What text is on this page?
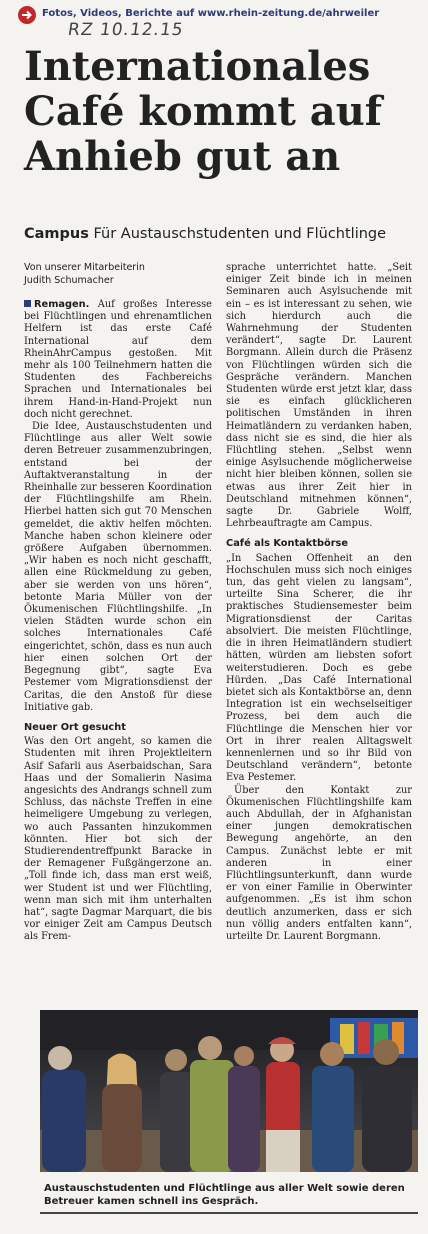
Fotos, Videos, Berichte auf www.rhein-zeitung.de/ahrweiler
RZ 10.12.15
Internationales Café kommt auf Anhieb gut an
Campus Für Austauschstudenten und Flüchtlinge
Von unserer Mitarbeiterin
Judith Schumacher

Remagen. Auf großes Interesse bei Flüchtlingen und ehrenamtlichen Helfern ist das erste Café International auf dem RheinAhrCampus gestoßen. Mit mehr als 100 Teilnehmern hatten die Studenten des Fachbereichs Sprachen und Internationales bei ihrem Hand-in-Hand-Projekt nun doch nicht gerechnet.

Die Idee, Austauschstudenten und Flüchtlinge aus aller Welt sowie deren Betreuer zusammenzubringen, entstand bei der Auftaktveranstaltung in der Rheinhalle zur besseren Koordination der Flüchtlingshilfe am Rhein. Hierbei hatten sich gut 70 Menschen gemeldet, die aktiv helfen möchten. Manche haben schon kleinere oder größere Aufgaben übernommen. „Wir haben es noch nicht geschafft, allen eine Rückmeldung zu geben, aber sie werden von uns hören“, betonte Maria Müller von der Ökumenischen Flüchtlingshilfe. „In vielen Städten wurde schon ein solches Internationales Café eingerichtet, schön, dass es nun auch hier einen solchen Ort der Begegnung gibt“, sagte Eva Pestemer vom Migrationsdienst der Caritas, die den Anstoß für diese Initiative gab.

Neuer Ort gesucht

Was den Ort angeht, so kamen die Studenten mit ihren Projektleitern Asif Safarli aus Aserbaidschan, Sara Haas und der Somalierin Nasima angesichts des Andrangs schnell zum Schluss, das nächste Treffen in eine heimeligere Umgebung zu verlegen, wo auch Passanten hinzukommen könnten. Hier bot sich der Studierendentreffpunkt Baracke in der Remagener Fußgängerzone an. „Toll finde ich, dass man erst weiß, wer Student ist und wer Flüchtling, wenn man sich mit ihm unterhalten hat“, sagte Dagmar Marquart, die bis vor einiger Zeit am Campus Deutsch als Frem-

sprache unterrichtet hatte. „Seit einiger Zeit binde ich in meinen Seminaren auch Asylsuchende mit ein – es ist interessant zu sehen, wie sich hierdurch auch die Wahrnehmung der Studenten verändert“, sagte Dr. Laurent Borgmann. Allein durch die Präsenz von Flüchtlingen würden sich die Gespräche verändern. Manchen Studenten würde erst jetzt klar, dass sie es einfach glücklicheren politischen Umständen in ihren Heimatländern zu verdanken haben, dass nicht sie es sind, die hier als Flüchtling stehen. „Selbst wenn einige Asylsuchende möglicherweise nicht hier bleiben können, sollen sie etwas aus ihrer Zeit hier in Deutschland mitnehmen können“, sagte Dr. Gabriele Wolff, Lehrbeauftragte am Campus.

Café als Kontaktbörse

„In Sachen Offenheit an den Hochschulen muss sich noch einiges tun, das geht vielen zu langsam“, urteilte Sina Scherer, die ihr praktisches Studiensemester beim Migrationsdienst der Caritas absolviert. Die meisten Flüchtlinge, die in ihren Heimatländern studiert hätten, würden am liebsten sofort weiterstudieren. Doch es gebe Hürden. „Das Café International bietet sich als Kontaktbörse an, denn Integration ist ein wechselseitiger Prozess, bei dem auch die Flüchtlinge die Menschen hier vor Ort in ihrer realen Alltagswelt kennenlernen und so ihr Bild von Deutschland verändern“, betonte Eva Pestemer.

Über den Kontakt zur Ökumenischen Flüchtlingshilfe kam auch Abdullah, der in Afghanistan einer jungen demokratischen Bewegung angehörte, an den Campus. Zunächst lebte er mit anderen in einer Flüchtlingsunterkunft, dann wurde er von einer Familie in Oberwinter aufgenommen. „Es ist ihm schon deutlich anzumerken, dass er sich nun völlig anders entfalten kann“, urteilte Dr. Laurent Borgmann.

Austauschstudenten und Flüchtlinge aus aller Welt sowie deren Betreuer kamen schnell ins Gespräch.
